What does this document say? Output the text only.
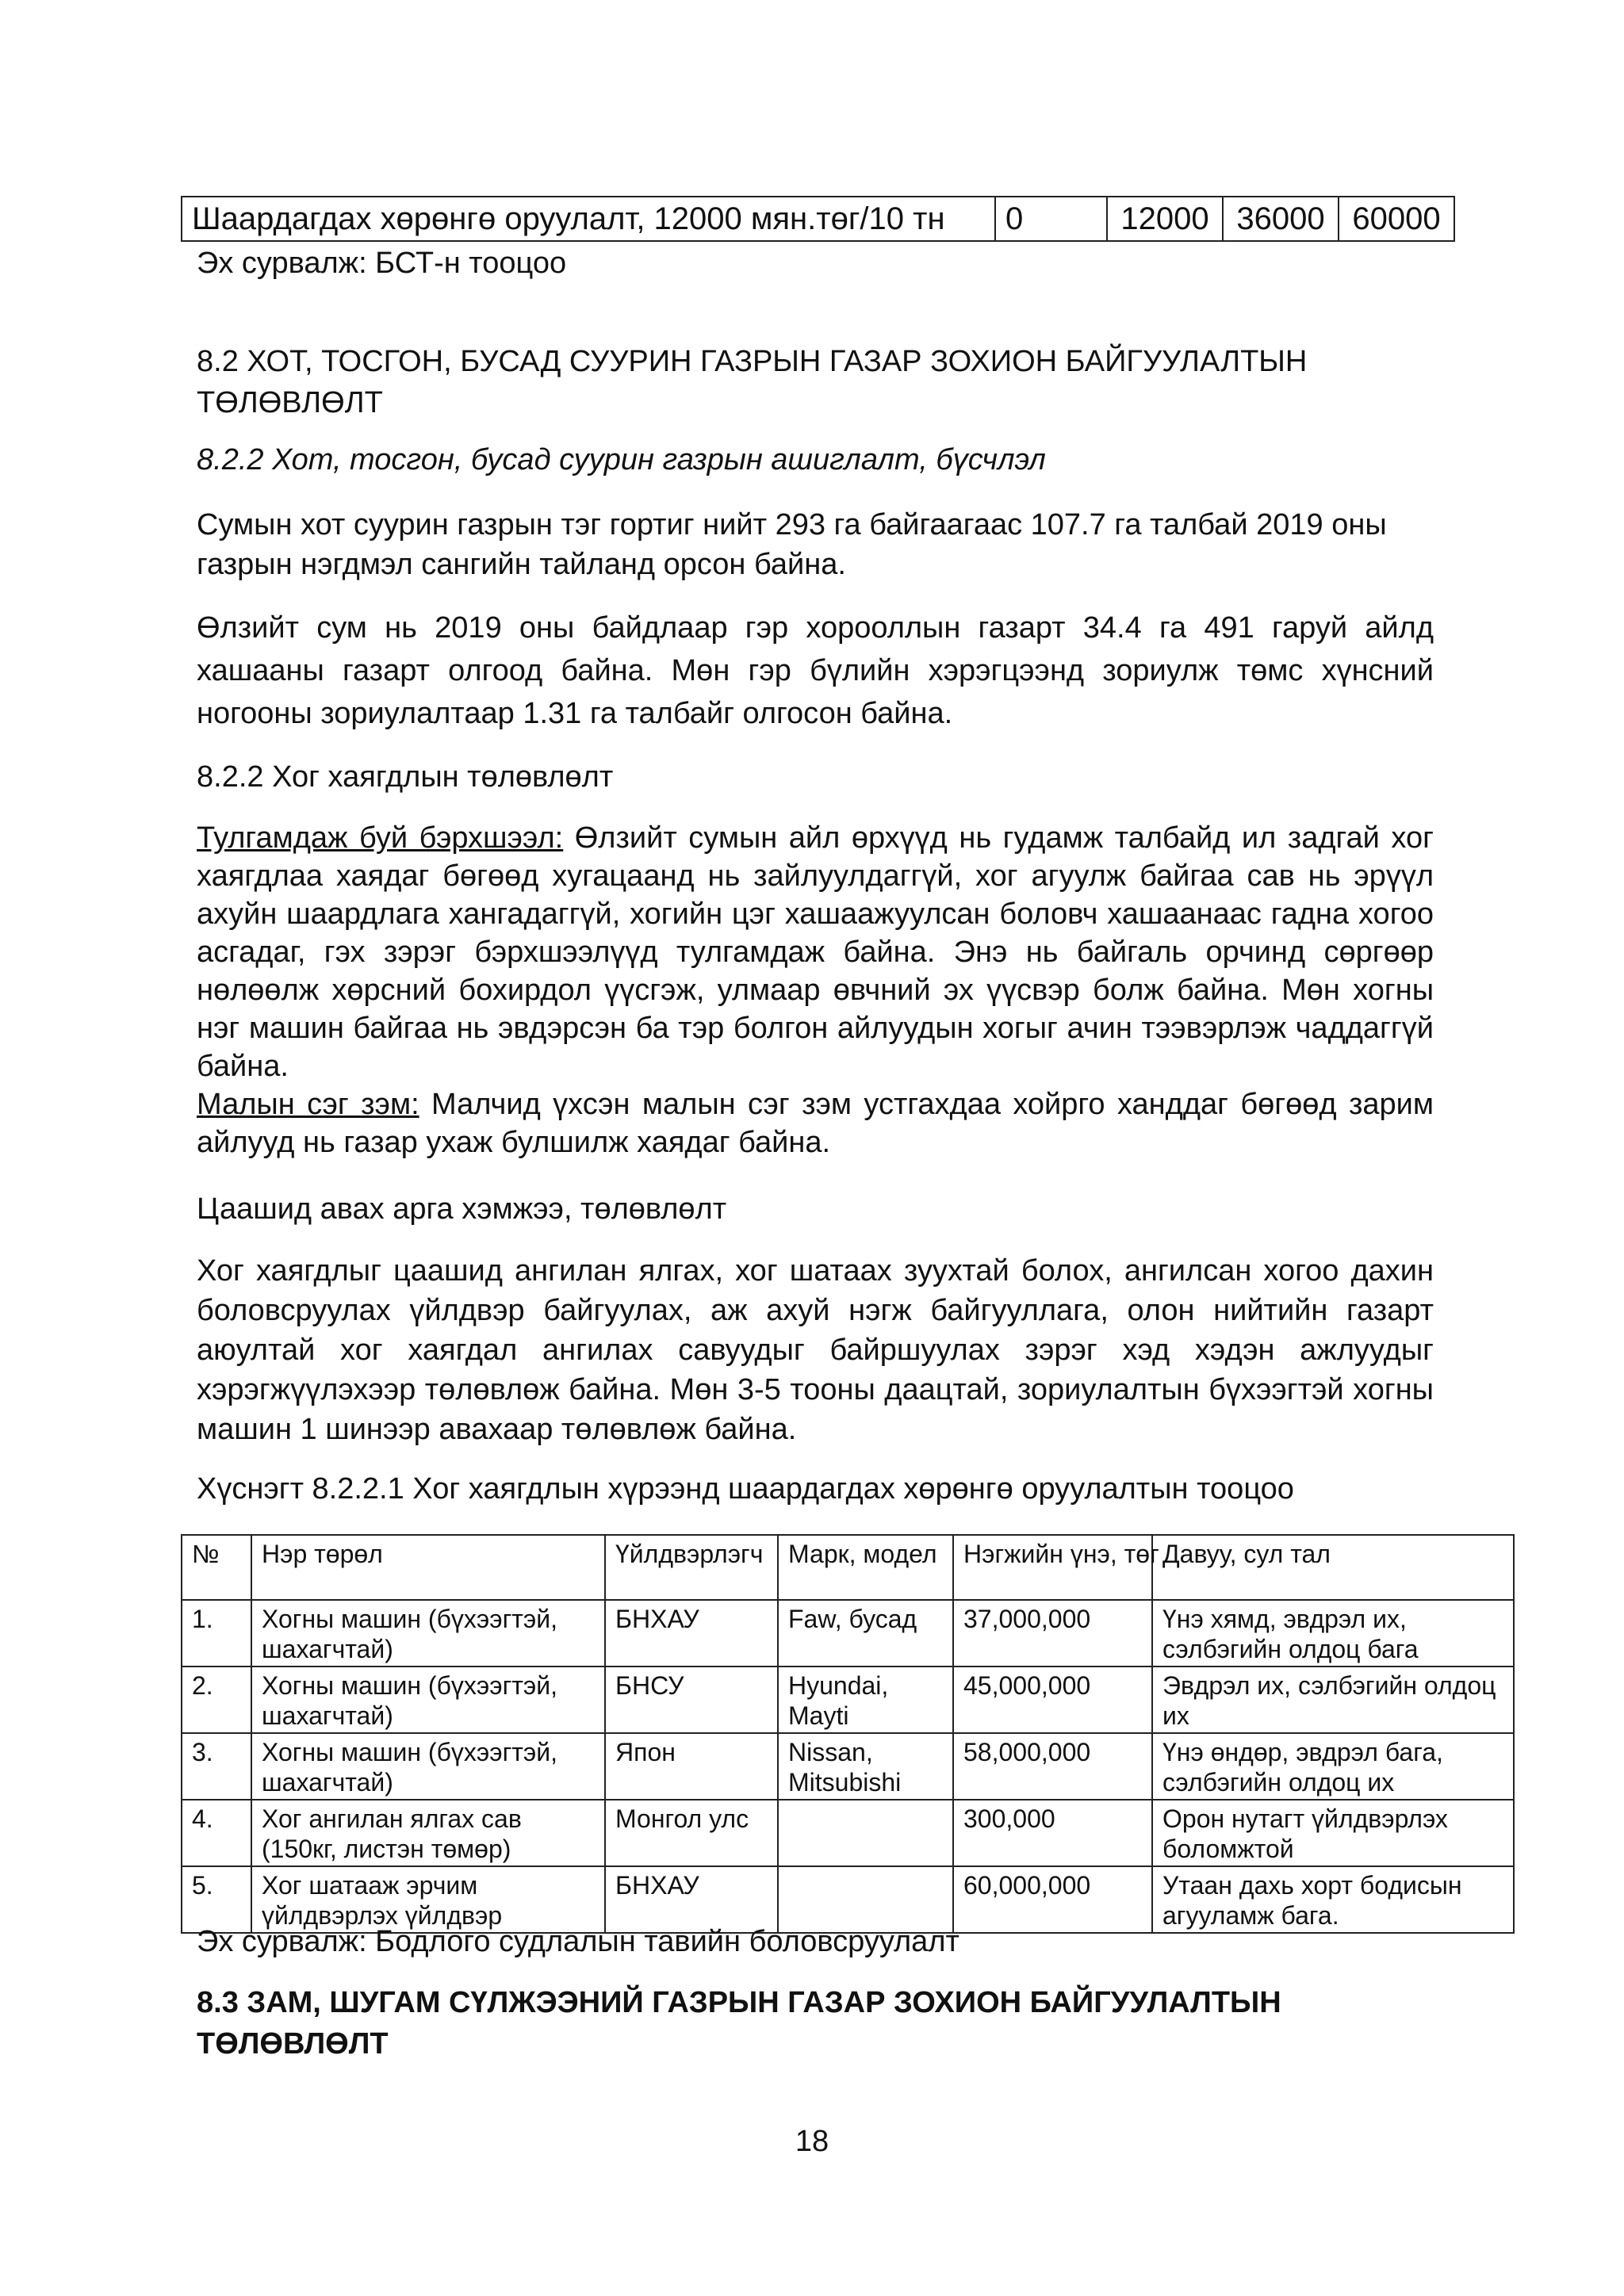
Шаардагдах хөрөнгө оруулалт, 12000 мян.төг/10 тн	0	12000	36000	60000
Эх сурвалж: БСТ-н тооцоо
8.2 ХОТ, ТОСГОН, БУСАД СУУРИН ГАЗРЫН ГАЗАР ЗОХИОН БАЙГУУЛАЛТЫН ТӨЛӨВЛӨЛТ
8.2.2 Хот, тосгон, бусад суурин газрын ашиглалт, бүсчлэл
Сумын хот суурин газрын тэг гортиг нийт 293 га байгаагаас 107.7 га талбай 2019 оны газрын нэгдмэл сангийн тайланд орсон байна.
Өлзийт сум нь 2019 оны байдлаар гэр хорооллын газарт 34.4 га 491 гаруй айлд хашааны газарт олгоод байна. Мөн гэр бүлийн хэрэгцээнд зориулж төмс хүнсний ногооны зориулалтаар 1.31 га талбайг олгосон байна.
8.2.2 Хог хаягдлын төлөвлөлт
Тулгамдаж буй бэрхшээл: Өлзийт сумын айл өрхүүд нь гудамж талбайд ил задгай хог хаягдлаа хаядаг бөгөөд хугацаанд нь зайлуулдаггүй, хог агуулж байгаа сав нь эрүүл ахуйн шаардлага хангадаггүй, хогийн цэг хашаажуулсан боловч хашаанаас гадна хогоо асгадаг, гэх зэрэг бэрхшээлүүд тулгамдаж байна. Энэ нь байгаль орчинд сөргөөр нөлөөлж хөрсний бохирдол үүсгэж, улмаар өвчний эх үүсвэр болж байна. Мөн хогны нэг машин байгаа нь эвдэрсэн ба тэр болгон айлуудын хогыг ачин тээвэрлэж чаддаггүй байна.
Малын сэг зэм: Малчид үхсэн малын сэг зэм устгахдаа хойрго ханддаг бөгөөд зарим айлууд нь газар ухаж булшилж хаядаг байна.
Цаашид авах арга хэмжээ, төлөвлөлт
Хог хаягдлыг цаашид ангилан ялгах, хог шатаах зуухтай болох, ангилсан хогоо дахин боловсруулах үйлдвэр байгуулах, аж ахуй нэгж байгууллага, олон нийтийн газарт аюултай хог хаягдал ангилах савуудыг байршуулах зэрэг хэд хэдэн ажлуудыг хэрэгжүүлэхээр төлөвлөж байна. Мөн 3-5 тооны даацтай, зориулалтын бүхээгтэй хогны машин 1 шинээр авахаар төлөвлөж байна.
Хүснэгт 8.2.2.1 Хог хаягдлын хүрээнд шаардагдах хөрөнгө оруулалтын тооцоо
№	Нэр төрөл	Үйлдвэрлэгч	Марк, модел	Нэгжийн үнэ, төг	Давуу, сул тал

1.	Хогны машин (бүхээгтэй, шахагчтай)	БНХАУ	Faw, бусад	37,000,000	Үнэ хямд, эвдрэл их, сэлбэгийн олдоц бага
2.	Хогны машин (бүхээгтэй, шахагчтай)	БНСУ	Hyundai, Mayti	45,000,000	Эвдрэл их, сэлбэгийн олдоц их
3.	Хогны машин (бүхээгтэй, шахагчтай)	Япон	Nissan, Mitsubishi	58,000,000	Үнэ өндөр, эвдрэл бага, сэлбэгийн олдоц их
4.	Хог ангилан ялгах сав (150кг, листэн төмөр)	Монгол улс		300,000	Орон нутагт үйлдвэрлэх боломжтой
5.	Хог шатааж эрчим үйлдвэрлэх үйлдвэр	БНХАУ		60,000,000	Утаан дахь хорт бодисын агууламж бага.
Эх сурвалж: Бодлого судлалын тавийн боловсруулалт
8.3 ЗАМ, ШУГАМ СҮЛЖЭЭНИЙ ГАЗРЫН ГАЗАР ЗОХИОН БАЙГУУЛАЛТЫН ТӨЛӨВЛӨЛТ
18
